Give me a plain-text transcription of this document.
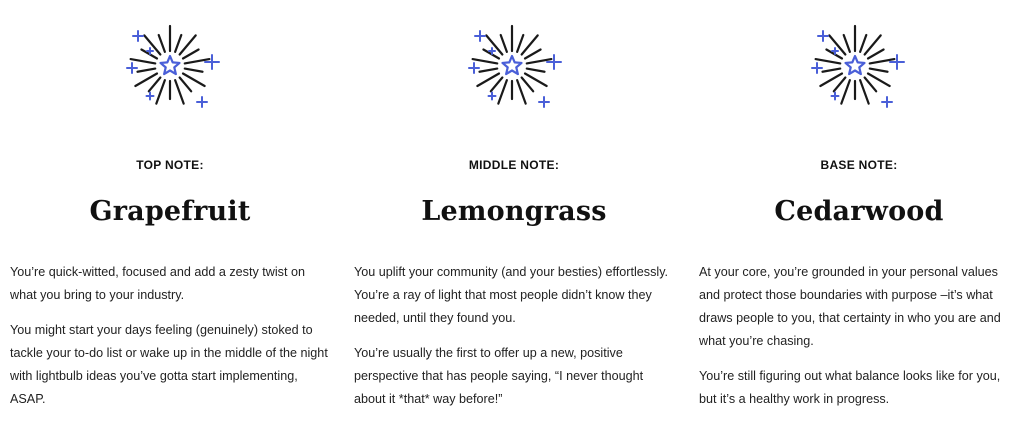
TOP NOTE:
Grapefruit

You’re quick-witted, focused and add a zesty twist on what you bring to your industry.

You might start your days feeling (genuinely) stoked to tackle your to-do list or wake up in the middle of the night with lightbulb ideas you’ve gotta start implementing, ASAP.

MIDDLE NOTE:
Lemongrass

You uplift your community (and your besties) effortlessly. You’re a ray of light that most people didn’t know they needed, until they found you.

You’re usually the first to offer up a new, positive perspective that has people saying, “I never thought about it *that* way before!”

BASE NOTE:
Cedarwood

At your core, you’re grounded in your personal values and protect those boundaries with purpose –it’s what draws people to you, that certainty in who you are and what you’re chasing.

You’re still figuring out what balance looks like for you, but it’s a healthy work in progress.
